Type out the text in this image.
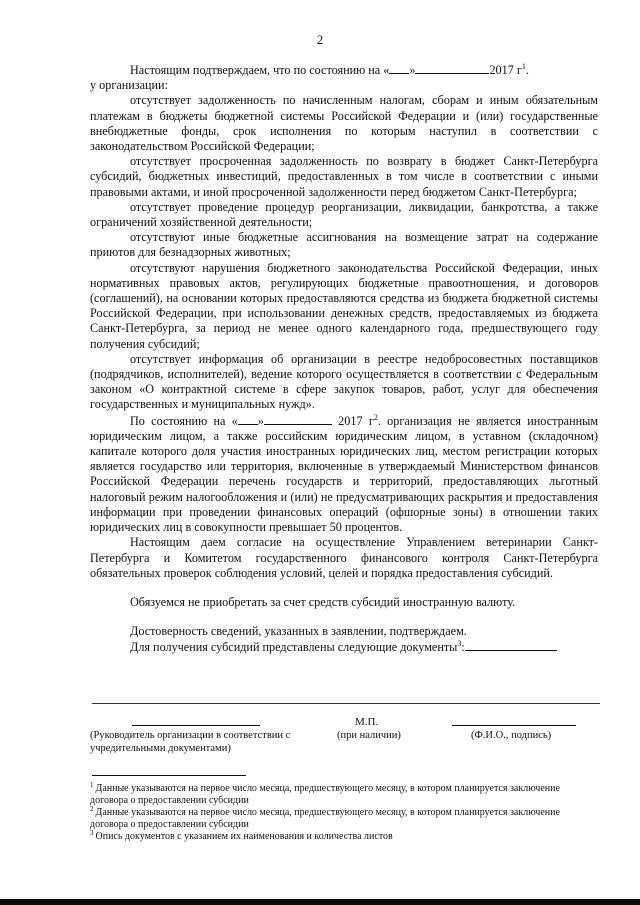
2

Настоящим подтверждаем, что по состоянию на « »	2017 $г^1$.

у организации:

отсутствует задолженность по начисленным налогам, сборам и иным обязательным платежам в бюджеты бюджетной системы Российской Федерации и (или) государственные внебюджетные фонды, срок исполнения по которым наступил в соответствии с законодательством Российской Федерации;

отсутствует просроченная задолженность по возврату в бюджет Санкт-Петербурга субсидий, бюджетных инвестиций, предоставленных в том числе в соответствии с иными правовыми актами, и иной просроченной задолженности перед бюджетом Санкт-Петербурга;

отсутствует проведение процедур реорганизации, ликвидации, банкротства, а также ограничений хозяйственной деятельности;

отсутствуют иные бюджетные ассигнования на возмещение затрат на содержание приютов для безнадзорных животных;

отсутствуют нарушения бюджетного законодательства Российской Федерации, иных нормативных правовых актов, регулирующих бюджетные правоотношения, и договоров (соглашений), на основании которых предоставляются средства из бюджета бюджетной системы Российской Федерации, при использовании денежных средств, предоставляемых из бюджета Санкт-Петербурга, за период не менее одного календарного года, предшествующего году получения субсидий;

отсутствует информация об организации в реестре недобросовестных поставщиков (подрядчиков, исполнителей), ведение которого осуществляется в соответствии с Федеральным законом «О контрактной системе в сфере закупок товаров, работ, услуг для обеспечения государственных и муниципальных нужд».

По состоянию на « »	2017 $г^2$. организация не является иностранным юридическим лицом, а также российским юридическим лицом, в уставном (складочном) капитале которого доля участия иностранных юридических лиц, местом регистрации которых является государство или территория, включенные в утверждаемый Министерством финансов Российской Федерации перечень государств и территорий, предоставляющих льготный налоговый режим налогообложения и (или) не предусматривающих раскрытия и предоставления информации при проведении финансовых операций (офшорные зоны) в отношении таких юридических лиц в совокупности превышает 50 процентов.

Настоящим даем согласие на осуществление Управлением ветеринарии Санкт-Петербурга и Комитетом государственного финансового контроля Санкт-Петербурга обязательных проверок соблюдения условий, целей и порядка предоставления субсидий.

Обязуемся не приобретать за счет средств субсидий иностранную валюту.

Достоверность сведений, указанных в заявлении, подтверждаем.

Для получения субсидий представлены следующие документы$^3$:

М.П.
(Руководитель организации в соответствии с учредительными документами)
(при наличии)	(Ф.И.О., подпись)

$^1$ Данные указываются на первое число месяца, предшествующего месяцу, в котором планируется заключение договора о предоставлении субсидии

$^2$ Данные указываются на первое число месяца, предшествующего месяцу, в котором планируется заключение договора о предоставлении субсидии

$^3$ Опись документов с указанием их наименования и количества листов
